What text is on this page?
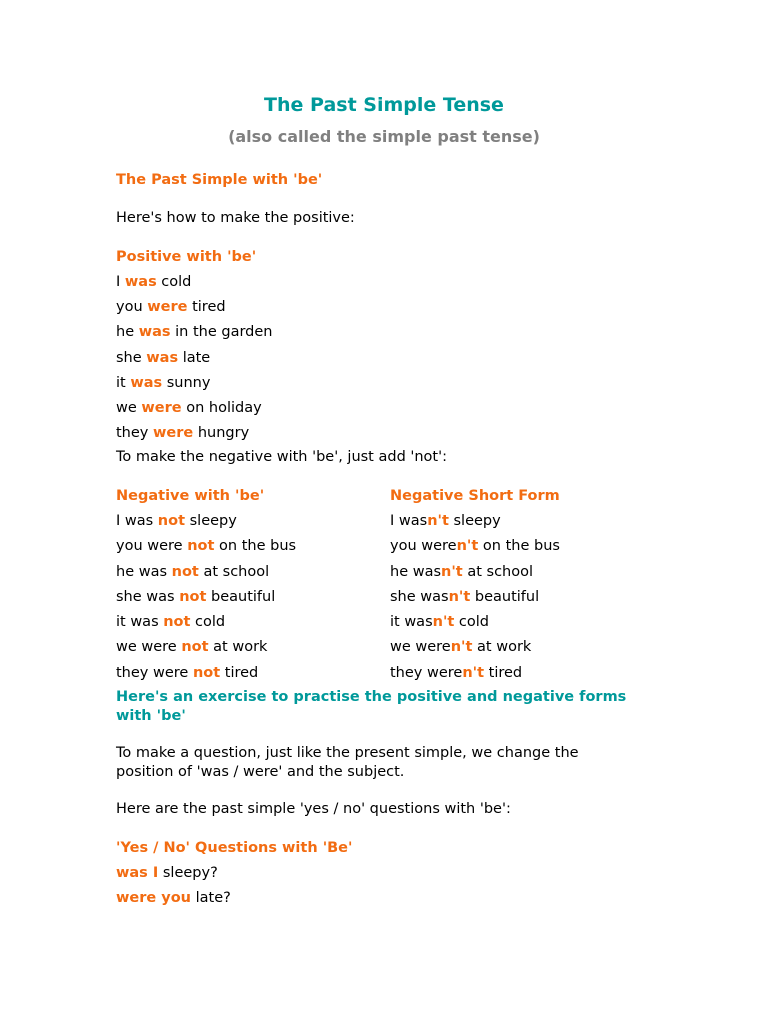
The Past Simple Tense
(also called the simple past tense)
The Past Simple with 'be'
Here's how to make the positive:
Positive with 'be'
I was cold
you were tired
he was in the garden
she was late
it was sunny
we were on holiday
they were hungry
To make the negative with 'be', just add 'not':
Negative with 'be'	Negative Short Form
I was not sleepy
you were not on the bus
he was not at school
she was not beautiful
it was not cold
we were not at work
they were not tired
I wasn't sleepy
you weren't on the bus
he wasn't at school
she wasn't beautiful
it wasn't cold
we weren't at work
they weren't tired
Here's an exercise to practise the positive and negative forms with 'be'
To make a question, just like the present simple, we change the position of 'was / were' and the subject.
Here are the past simple 'yes / no' questions with 'be':
'Yes / No' Questions with 'Be'
was I sleepy?
were you late?
